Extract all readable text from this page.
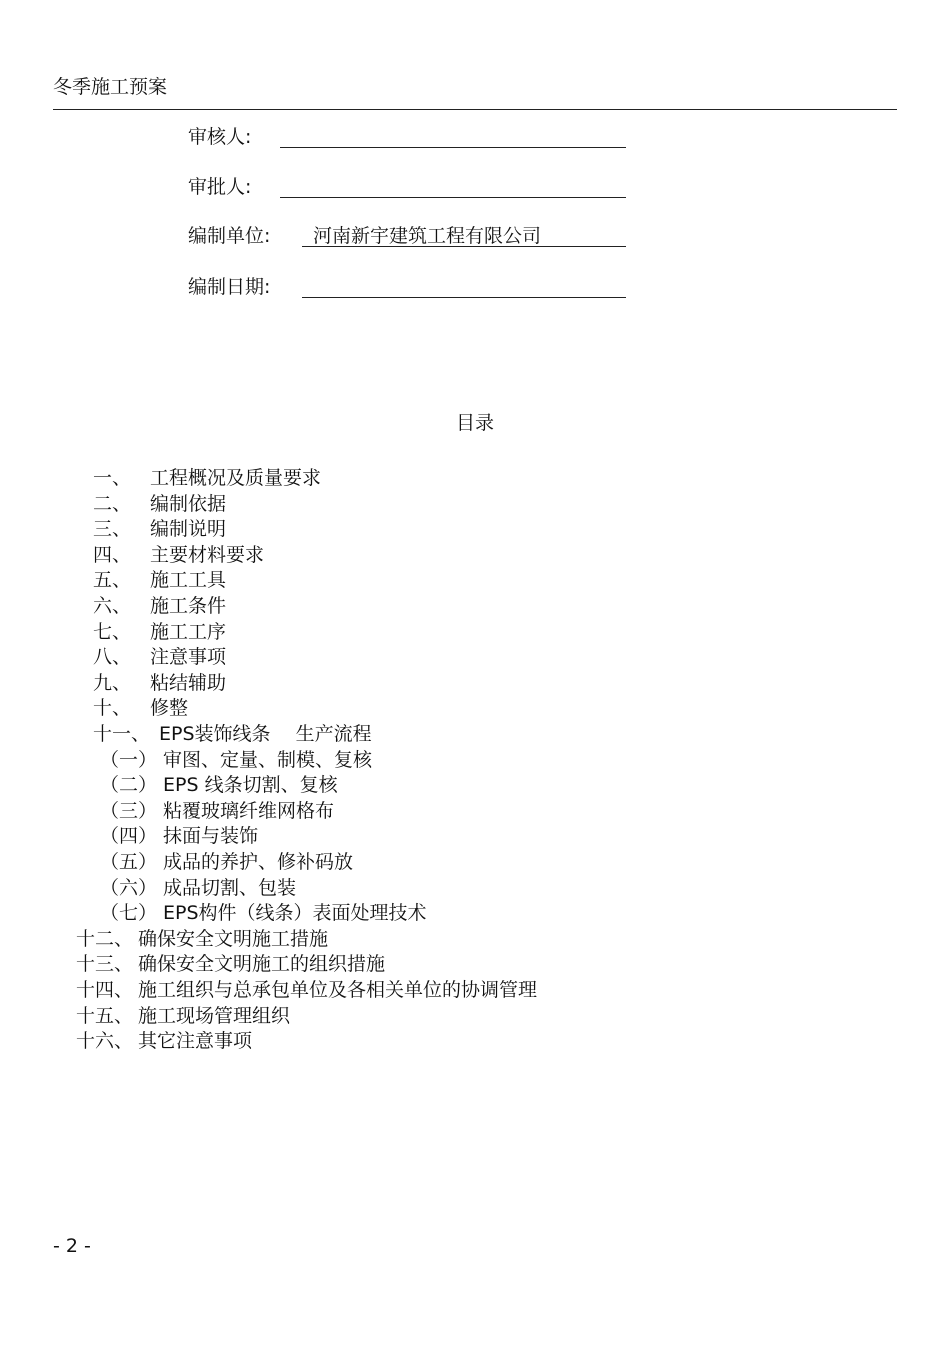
冬季施工预案
审核人:
审批人:
编制单位: 河南新宇建筑工程有限公司
编制日期:
目录
一、 工程概况及质量要求
二、 编制依据
三、 编制说明
四、 主要材料要求
五、 施工工具
六、 施工条件
七、 施工工序
八、 注意事项
九、 粘结辅助
十、 修整
十一、 EPS装饰线条　 生产流程
（一） 审图、定量、制模、复核
（二） EPS 线条切割、复核
（三） 粘覆玻璃纤维网格布
（四） 抹面与装饰
（五） 成品的养护、修补码放
（六） 成品切割、包装
（七） EPS构件（线条）表面处理技术
十二、 确保安全文明施工措施
十三、 确保安全文明施工的组织措施
十四、 施工组织与总承包单位及各相关单位的协调管理
十五、 施工现场管理组织
十六、 其它注意事项
- 2 -
